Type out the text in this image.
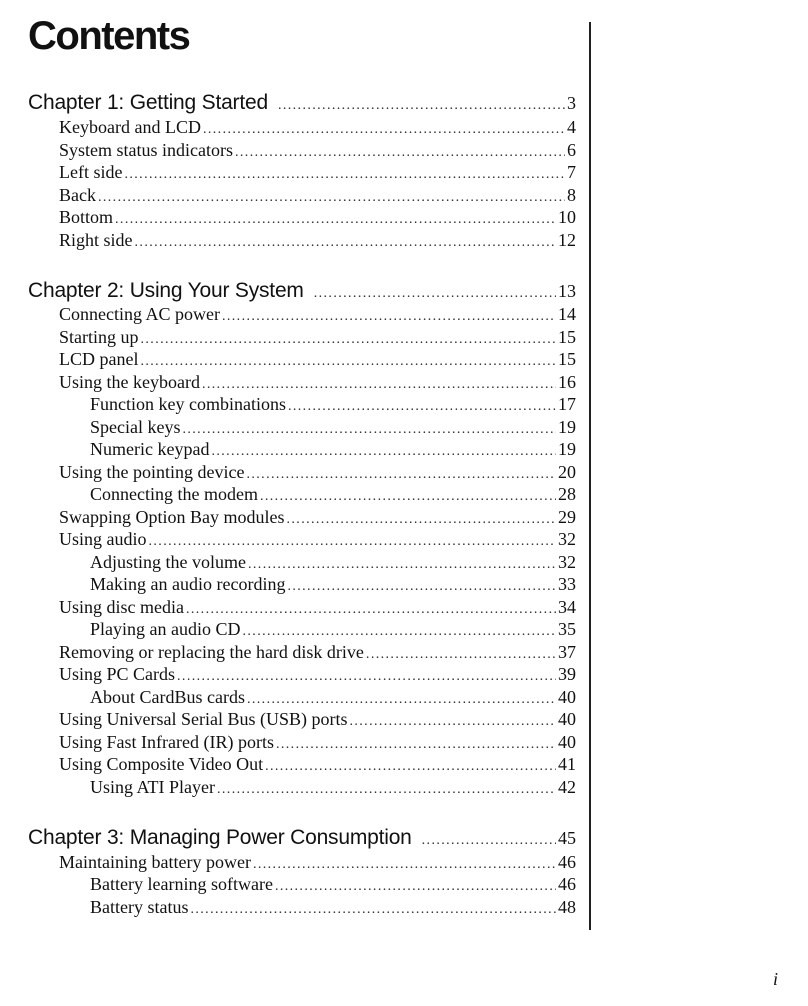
Contents
Chapter 1: Getting Started .....	3
Keyboard and LCD .....	4
System status indicators .....	6
Left side .....	7
Back .....	8
Bottom .....	10
Right side .....	12
Chapter 2: Using Your System .....	13
Connecting AC power .....	14
Starting up .....	15
LCD panel .....	15
Using the keyboard .....	16
Function key combinations .....	17
Special keys .....	19
Numeric keypad .....	19
Using the pointing device .....	20
Connecting the modem .....	28
Swapping Option Bay modules .....	29
Using audio .....	32
Adjusting the volume .....	32
Making an audio recording .....	33
Using disc media .....	34
Playing an audio CD .....	35
Removing or replacing the hard disk drive .....	37
Using PC Cards .....	39
About CardBus cards .....	40
Using Universal Serial Bus (USB) ports .....	40
Using Fast Infrared (IR) ports .....	40
Using Composite Video Out .....	41
Using ATI Player .....	42
Chapter 3: Managing Power Consumption .....	45
Maintaining battery power .....	46
Battery learning software .....	46
Battery status .....	48
i
